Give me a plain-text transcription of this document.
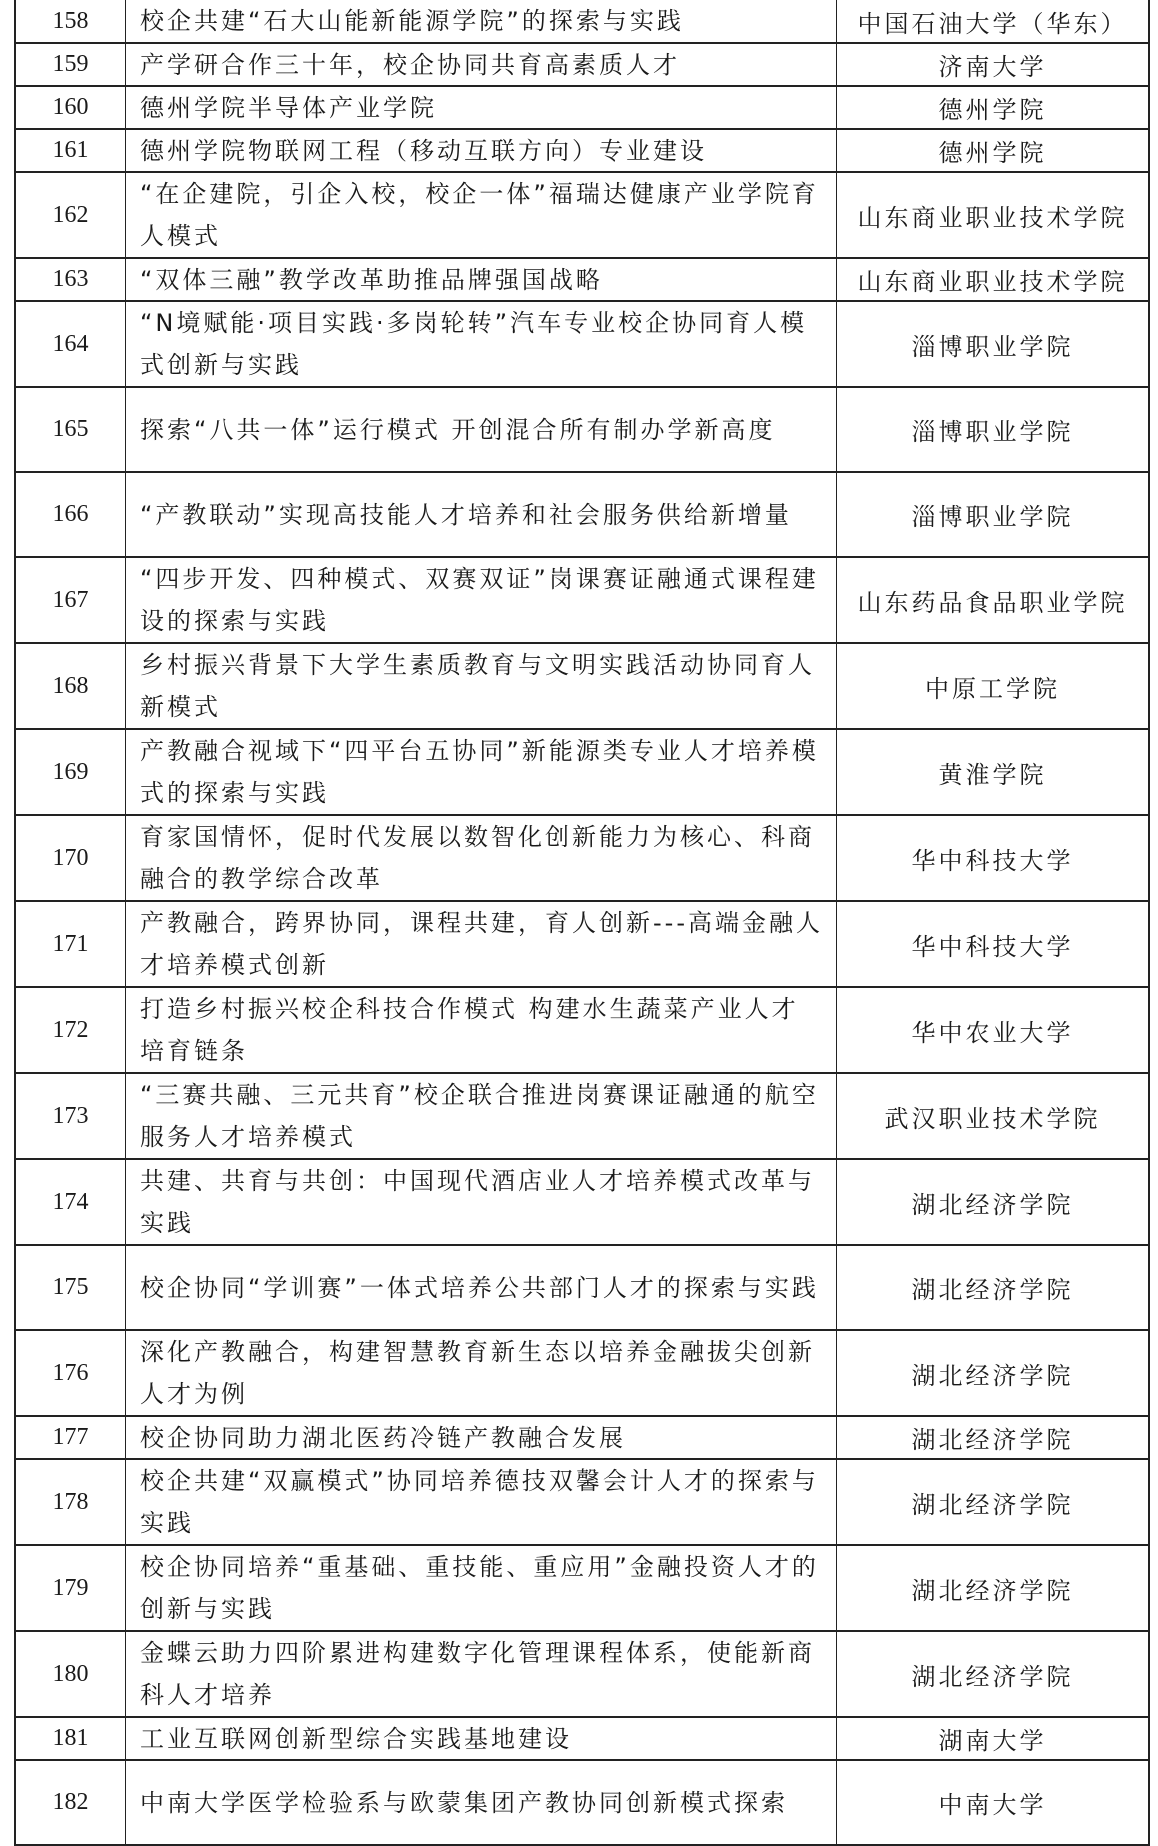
158	校企共建“石大山能新能源学院”的探索与实践	中国石油大学（华东）
159	产学研合作三十年，校企协同共育高素质人才	济南大学
160	德州学院半导体产业学院	德州学院
161	德州学院物联网工程（移动互联方向）专业建设	德州学院
162	“在企建院，引企入校，校企一体”福瑞达健康产业学院育人模式	山东商业职业技术学院
163	“双体三融”教学改革助推品牌强国战略	山东商业职业技术学院
164	“N境赋能·项目实践·多岗轮转”汽车专业校企协同育人模式创新与实践	淄博职业学院
165	探索“八共一体”运行模式 开创混合所有制办学新高度	淄博职业学院
166	“产教联动”实现高技能人才培养和社会服务供给新增量	淄博职业学院
167	“四步开发、四种模式、双赛双证”岗课赛证融通式课程建设的探索与实践	山东药品食品职业学院
168	乡村振兴背景下大学生素质教育与文明实践活动协同育人新模式	中原工学院
169	产教融合视域下“四平台五协同”新能源类专业人才培养模式的探索与实践	黄淮学院
170	育家国情怀，促时代发展以数智化创新能力为核心、科商融合的教学综合改革	华中科技大学
171	产教融合，跨界协同，课程共建，育人创新---高端金融人才培养模式创新	华中科技大学
172	打造乡村振兴校企科技合作模式 构建水生蔬菜产业人才培育链条	华中农业大学
173	“三赛共融、三元共育”校企联合推进岗赛课证融通的航空服务人才培养模式	武汉职业技术学院
174	共建、共育与共创：中国现代酒店业人才培养模式改革与实践	湖北经济学院
175	校企协同“学训赛”一体式培养公共部门人才的探索与实践	湖北经济学院
176	深化产教融合，构建智慧教育新生态以培养金融拔尖创新人才为例	湖北经济学院
177	校企协同助力湖北医药冷链产教融合发展	湖北经济学院
178	校企共建“双赢模式”协同培养德技双馨会计人才的探索与实践	湖北经济学院
179	校企协同培养“重基础、重技能、重应用”金融投资人才的创新与实践	湖北经济学院
180	金蝶云助力四阶累进构建数字化管理课程体系，使能新商科人才培养	湖北经济学院
181	工业互联网创新型综合实践基地建设	湖南大学
182	中南大学医学检验系与欧蒙集团产教协同创新模式探索	中南大学
